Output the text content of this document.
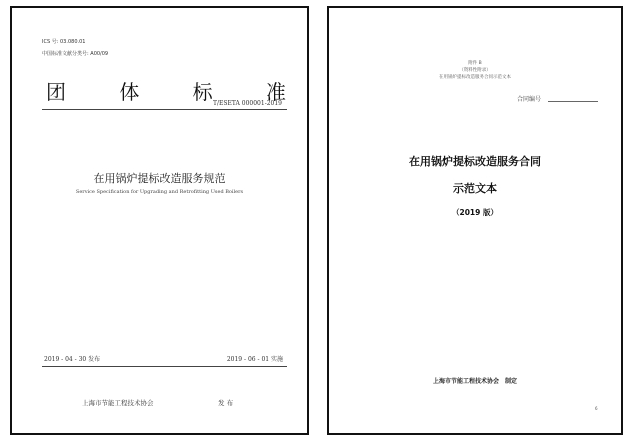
ICS 号: 03.080.01
中国标准文献分类号: A00/09
团	体	标	准
T/ESETA 000001-2019
在用锅炉提标改造服务规范
Service Specification for Upgrading and Retrofitting Used Boilers
2019 - 04 - 30 发布	2019 - 06 - 01 实施
上海市节能工程技术协会	发 布
附件 B
（资料性附录）
在用锅炉提标改造服务合同示范文本
合同编号
在用锅炉提标改造服务合同
示范文本
（2019 版）
上海市节能工程技术协会　制定
6
